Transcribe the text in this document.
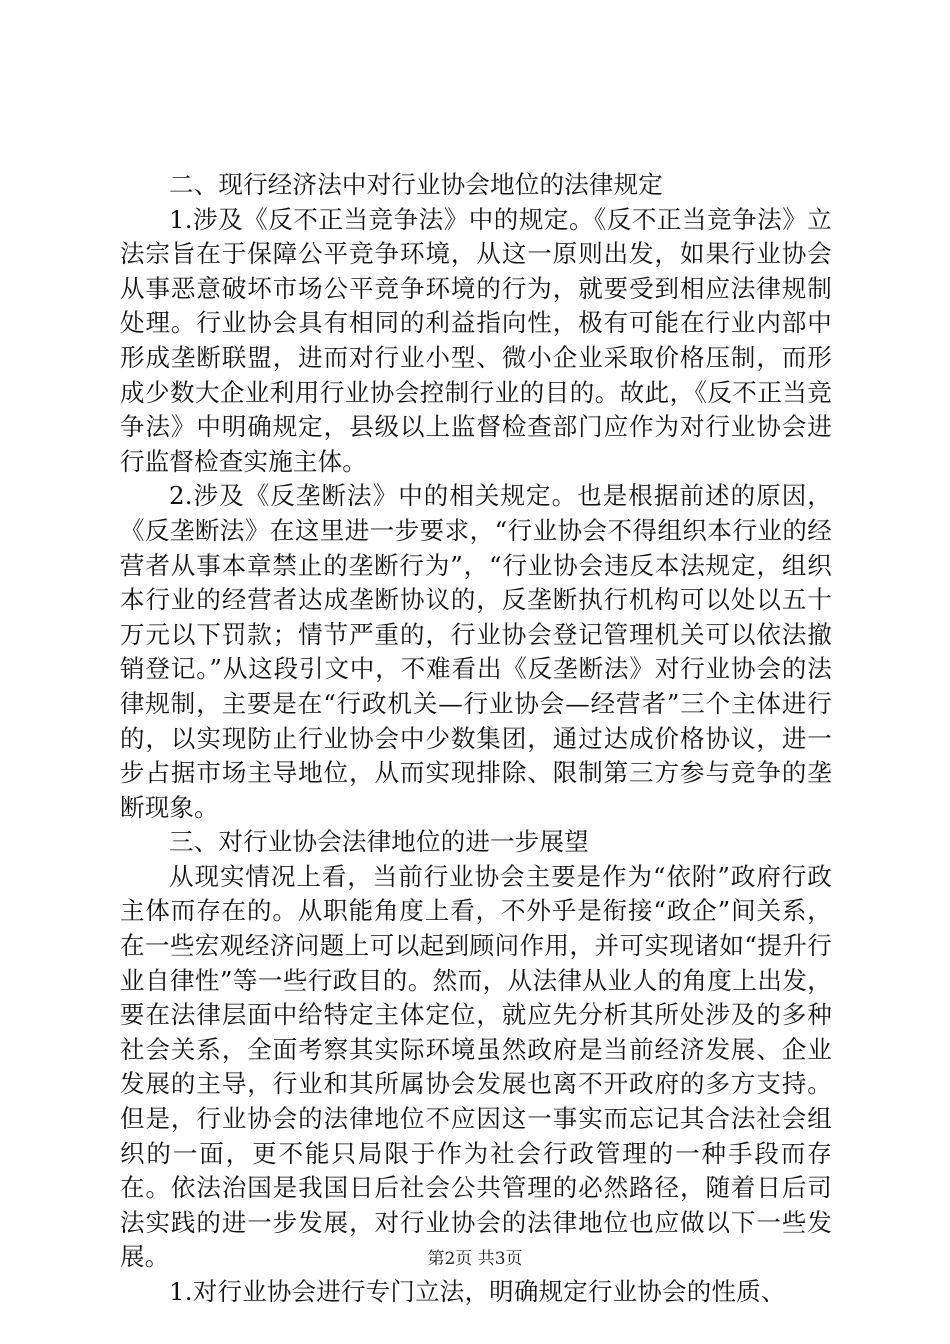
二、现行经济法中对行业协会地位的法律规定

1.涉及《反不正当竞争法》中的规定。《反不正当竞争法》立法宗旨在于保障公平竞争环境，从这一原则出发，如果行业协会从事恶意破坏市场公平竞争环境的行为，就要受到相应法律规制处理。行业协会具有相同的利益指向性，极有可能在行业内部中形成垄断联盟，进而对行业小型、微小企业采取价格压制，而形成少数大企业利用行业协会控制行业的目的。故此，《反不正当竞争法》中明确规定，县级以上监督检查部门应作为对行业协会进行监督检查实施主体。

2.涉及《反垄断法》中的相关规定。也是根据前述的原因，《反垄断法》在这里进一步要求，“行业协会不得组织本行业的经营者从事本章禁止的垄断行为”，“行业协会违反本法规定，组织本行业的经营者达成垄断协议的，反垄断执行机构可以处以五十万元以下罚款；情节严重的，行业协会登记管理机关可以依法撤销登记。”从这段引文中，不难看出《反垄断法》对行业协会的法律规制，主要是在“行政机关—行业协会—经营者”三个主体进行的，以实现防止行业协会中少数集团，通过达成价格协议，进一步占据市场主导地位，从而实现排除、限制第三方参与竞争的垄断现象。

三、对行业协会法律地位的进一步展望

从现实情况上看，当前行业协会主要是作为“依附”政府行政主体而存在的。从职能角度上看，不外乎是衔接“政企”间关系，在一些宏观经济问题上可以起到顾问作用，并可实现诸如“提升行业自律性”等一些行政目的。然而，从法律从业人的角度上出发，要在法律层面中给特定主体定位，就应先分析其所处涉及的多种社会关系，全面考察其实际环境虽然政府是当前经济发展、企业发展的主导，行业和其所属协会发展也离不开政府的多方支持。但是，行业协会的法律地位不应因这一事实而忘记其合法社会组织的一面，更不能只局限于作为社会行政管理的一种手段而存在。依法治国是我国日后社会公共管理的必然路径，随着日后司法实践的进一步发展，对行业协会的法律地位也应做以下一些发展。

1.对行业协会进行专门立法，明确规定行业协会的性质、

第2页 共3页
